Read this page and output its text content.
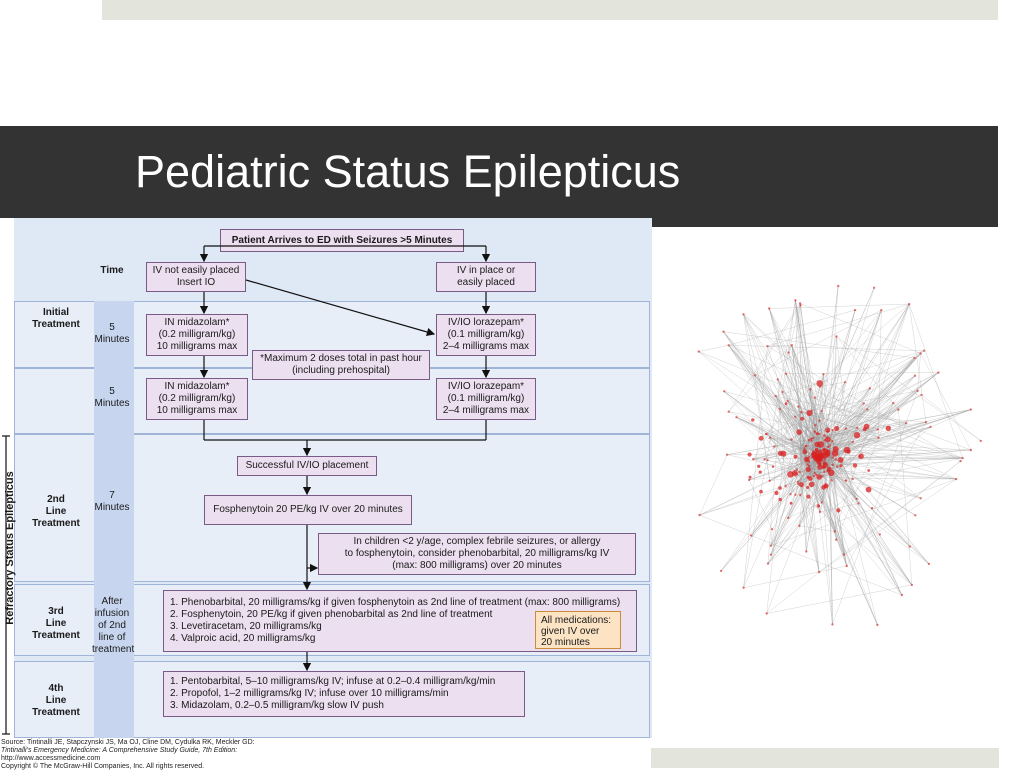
Pediatric Status Epilepticus
Time
Initial
Treatment
2nd
Line
Treatment
3rd
Line
Treatment
4th
Line
Treatment
5
Minutes
5
Minutes
7
Minutes
After
infusion
of 2nd
line of
treatment
Refractory Status Epilepticus
Patient Arrives to ED with Seizures >5 Minutes
IV not easily placed
Insert IO
IV in place or
easily placed
IN midazolam*
(0.2 milligram/kg)
10 milligrams max
IV/IO lorazepam*
(0.1 milligram/kg)
2–4 milligrams max
*Maximum 2 doses total in past hour
(including prehospital)
IN midazolam*
(0.2 milligram/kg)
10 milligrams max
IV/IO lorazepam*
(0.1 milligram/kg)
2–4 milligrams max
Successful IV/IO placement
Fosphenytoin 20 PE/kg IV over 20 minutes
In children <2 y/age, complex febrile seizures, or allergy
to fosphenytoin, consider phenobarbital, 20 milligrams/kg IV
(max: 800 milligrams) over 20 minutes
1. Phenobarbital, 20 milligrams/kg if given fosphenytoin as 2nd line of treatment (max: 800 milligrams)
2. Fosphenytoin, 20 PE/kg if given phenobarbital as 2nd line of treatment
3. Levetiracetam, 20 milligrams/kg
4. Valproic acid, 20 milligrams/kg
All medications:
given IV over
20 minutes
1. Pentobarbital, 5–10 milligrams/kg IV; infuse at 0.2–0.4 milligram/kg/min
2. Propofol, 1–2 milligrams/kg IV; infuse over 10 milligrams/min
3. Midazolam, 0.2–0.5 milligram/kg slow IV push
Source: Tintinalli JE, Stapczynski JS, Ma OJ, Cline DM, Cydulka RK, Meckler GD:
Tintinalli's Emergency Medicine: A Comprehensive Study Guide, 7th Edition:
http://www.accessmedicine.com
Copyright © The McGraw-Hill Companies, Inc. All rights reserved.
